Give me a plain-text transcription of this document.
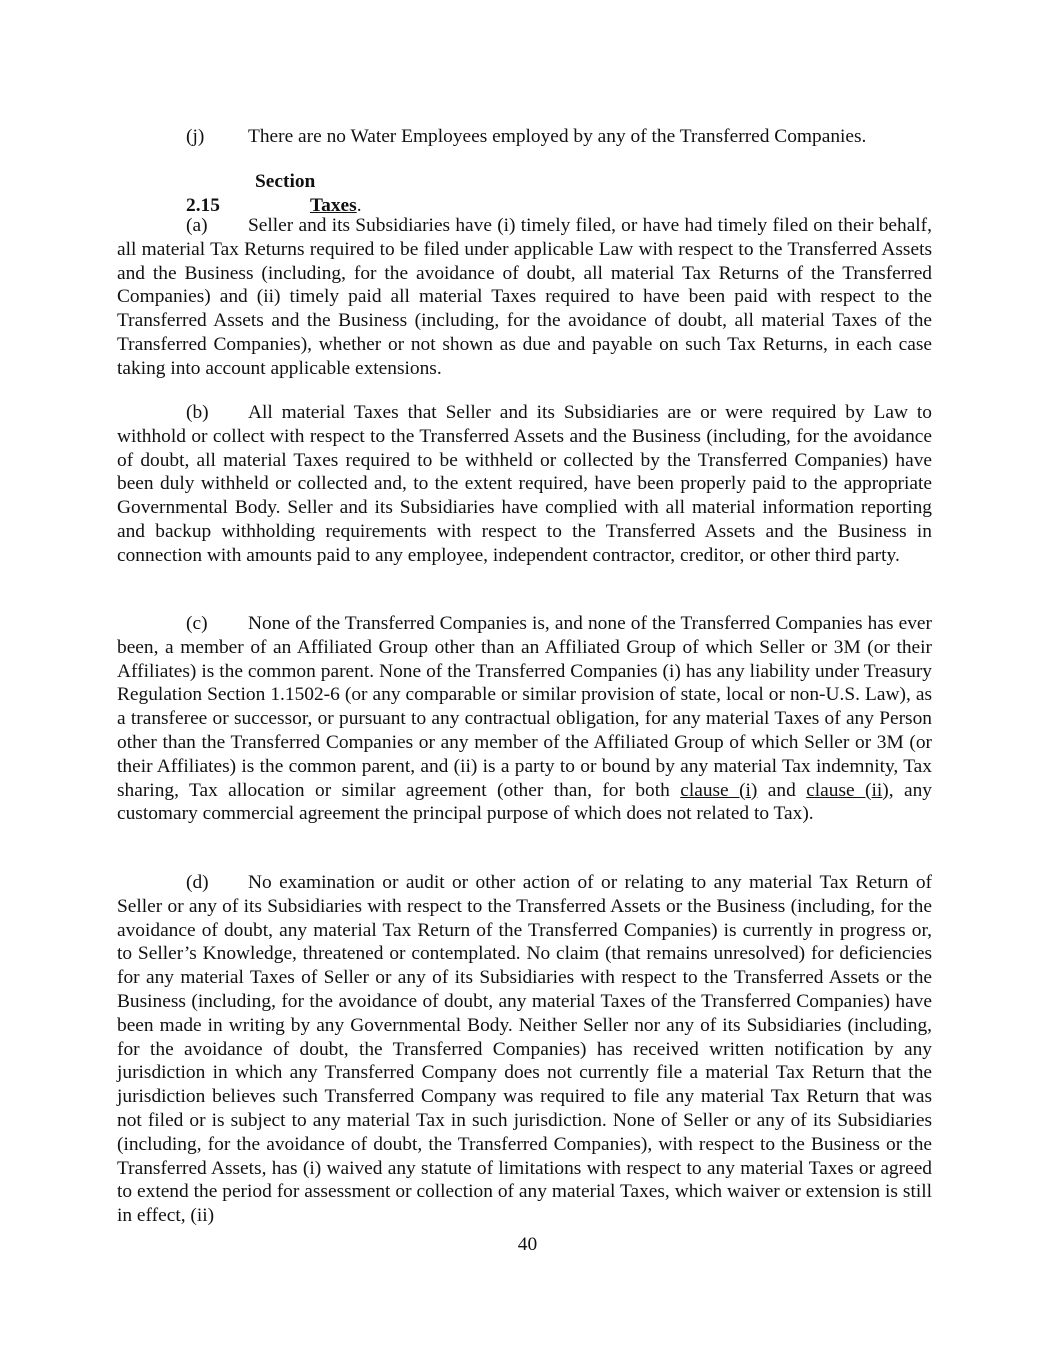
(j) There are no Water Employees employed by any of the Transferred Companies.

Section 2.15	Taxes.

(a) Seller and its Subsidiaries have (i) timely filed, or have had timely filed on their behalf, all material Tax Returns required to be filed under applicable Law with respect to the Transferred Assets and the Business (including, for the avoidance of doubt, all material Tax Returns of the Transferred Companies) and (ii) timely paid all material Taxes required to have been paid with respect to the Transferred Assets and the Business (including, for the avoidance of doubt, all material Taxes of the Transferred Companies), whether or not shown as due and payable on such Tax Returns, in each case taking into account applicable extensions.

(b) All material Taxes that Seller and its Subsidiaries are or were required by Law to withhold or collect with respect to the Transferred Assets and the Business (including, for the avoidance of doubt, all material Taxes required to be withheld or collected by the Transferred Companies) have been duly withheld or collected and, to the extent required, have been properly paid to the appropriate Governmental Body. Seller and its Subsidiaries have complied with all material information reporting and backup withholding requirements with respect to the Transferred Assets and the Business in connection with amounts paid to any employee, independent contractor, creditor, or other third party.

(c) None of the Transferred Companies is, and none of the Transferred Companies has ever been, a member of an Affiliated Group other than an Affiliated Group of which Seller or 3M (or their Affiliates) is the common parent. None of the Transferred Companies (i) has any liability under Treasury Regulation Section 1.1502-6 (or any comparable or similar provision of state, local or non-U.S. Law), as a transferee or successor, or pursuant to any contractual obligation, for any material Taxes of any Person other than the Transferred Companies or any member of the Affiliated Group of which Seller or 3M (or their Affiliates) is the common parent, and (ii) is a party to or bound by any material Tax indemnity, Tax sharing, Tax allocation or similar agreement (other than, for both clause (i) and clause (ii), any customary commercial agreement the principal purpose of which does not related to Tax).

(d) No examination or audit or other action of or relating to any material Tax Return of Seller or any of its Subsidiaries with respect to the Transferred Assets or the Business (including, for the avoidance of doubt, any material Tax Return of the Transferred Companies) is currently in progress or, to Seller’s Knowledge, threatened or contemplated. No claim (that remains unresolved) for deficiencies for any material Taxes of Seller or any of its Subsidiaries with respect to the Transferred Assets or the Business (including, for the avoidance of doubt, any material Taxes of the Transferred Companies) have been made in writing by any Governmental Body. Neither Seller nor any of its Subsidiaries (including, for the avoidance of doubt, the Transferred Companies) has received written notification by any jurisdiction in which any Transferred Company does not currently file a material Tax Return that the jurisdiction believes such Transferred Company was required to file any material Tax Return that was not filed or is subject to any material Tax in such jurisdiction. None of Seller or any of its Subsidiaries (including, for the avoidance of doubt, the Transferred Companies), with respect to the Business or the Transferred Assets, has (i) waived any statute of limitations with respect to any material Taxes or agreed to extend the period for assessment or collection of any material Taxes, which waiver or extension is still in effect, (ii)

40
